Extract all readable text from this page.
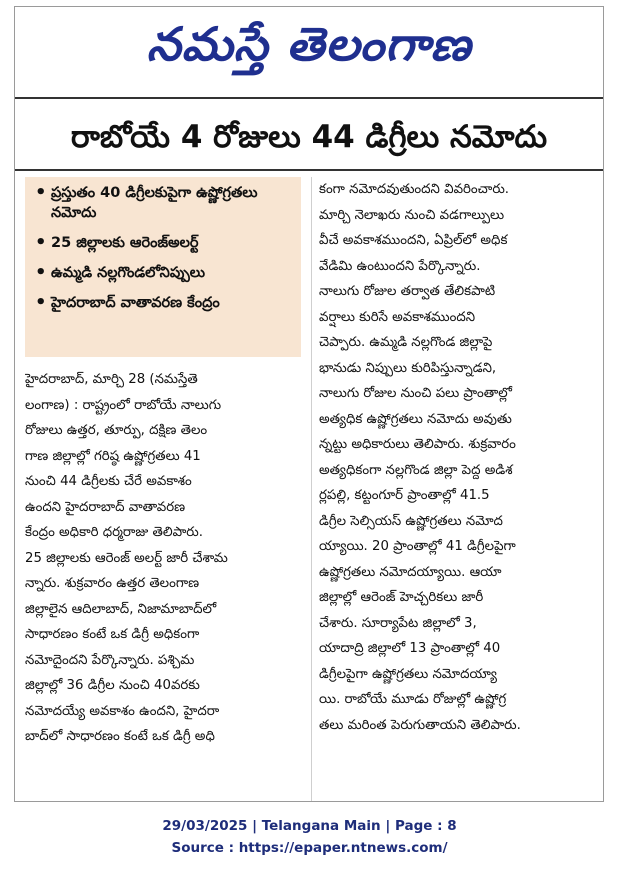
నమస్తే తెలంగాణ
రాబోయే 4 రోజులు 44 డిగ్రీలు నమోదు
• ప్రస్తుతం 40 డిగ్రీలకుపైగా ఉష్ణోగ్రతలు నమోదు
• 25 జిల్లాలకు ఆరెంజ్‌అలర్ట్
• ఉమ్మడి నల్లగొండలోనిప్పులు
• హైదరాబాద్ వాతావరణ కేంద్రం
హైదరాబాద్, మార్చి 28 (నమస్తేతె
లంగాణ) : రాష్ట్రంలో రాబోయే నాలుగు
రోజులు ఉత్తర, తూర్పు, దక్షిణ తెలం
గాణ జిల్లాల్లో గరిష్ఠ ఉష్ణోగ్రతలు 41
నుంచి 44 డిగ్రీలకు చేరే అవకాశం
ఉందని హైదరాబాద్ వాతావరణ
కేంద్రం అధికారి ధర్మరాజు తెలిపారు.
25 జిల్లాలకు ఆరెంజ్ అలర్ట్ జారీ చేశామ
న్నారు. శుక్రవారం ఉత్తర తెలంగాణ
జిల్లాలైన ఆదిలాబాద్, నిజామాబాద్‌లో
సాధారణం కంటే ఒక డిగ్రీ అధికంగా
నమోదైందని పేర్కొన్నారు. పశ్చిమ
జిల్లాల్లో 36 డిగ్రీల నుంచి 40వరకు
నమోదయ్యే అవకాశం ఉందని, హైదరా
బాద్‌లో సాధారణం కంటే ఒక డిగ్రీ అధి
కంగా నమోదవుతుందని వివరించారు.
మార్చి నెలాఖరు నుంచి వడగాల్పులు
వీచే అవకాశముందని, ఏప్రిల్‌లో అధిక
వేడిమి ఉంటుందని పేర్కొన్నారు.
నాలుగు రోజుల తర్వాత తేలికపాటి
వర్షాలు కురిసే అవకాశముందని
చెప్పారు. ఉమ్మడి నల్లగొండ జిల్లాపై
భానుడు నిప్పులు కురిపిస్తున్నాడని,
నాలుగు రోజుల నుంచి పలు ప్రాంతాల్లో
అత్యధిక ఉష్ణోగ్రతలు నమోదు అవుతు
న్నట్టు అధికారులు తెలిపారు. శుక్రవారం
అత్యధికంగా నల్లగొండ జిల్లా పెద్ద అడిశ
ర్లపల్లి, కట్టంగూర్ ప్రాంతాల్లో 41.5
డిగ్రీల సెల్సియస్ ఉష్ణోగ్రతలు నమోద
య్యాయి. 20 ప్రాంతాల్లో 41 డిగ్రీలపైగా
ఉష్ణోగ్రతలు నమోదయ్యాయి. ఆయా
జిల్లాల్లో ఆరెంజ్ హెచ్చరికలు జారీ
చేశారు. సూర్యాపేట జిల్లాలో 3,
యాదాద్రి జిల్లాలో 13 ప్రాంతాల్లో 40
డిగ్రీలపైగా ఉష్ణోగ్రతలు నమోదయ్యా
యి. రాబోయే మూడు రోజుల్లో ఉష్ణోగ్ర
తలు మరింత పెరుగుతాయని తెలిపారు.
29/03/2025 | Telangana Main | Page : 8
Source : https://epaper.ntnews.com/
